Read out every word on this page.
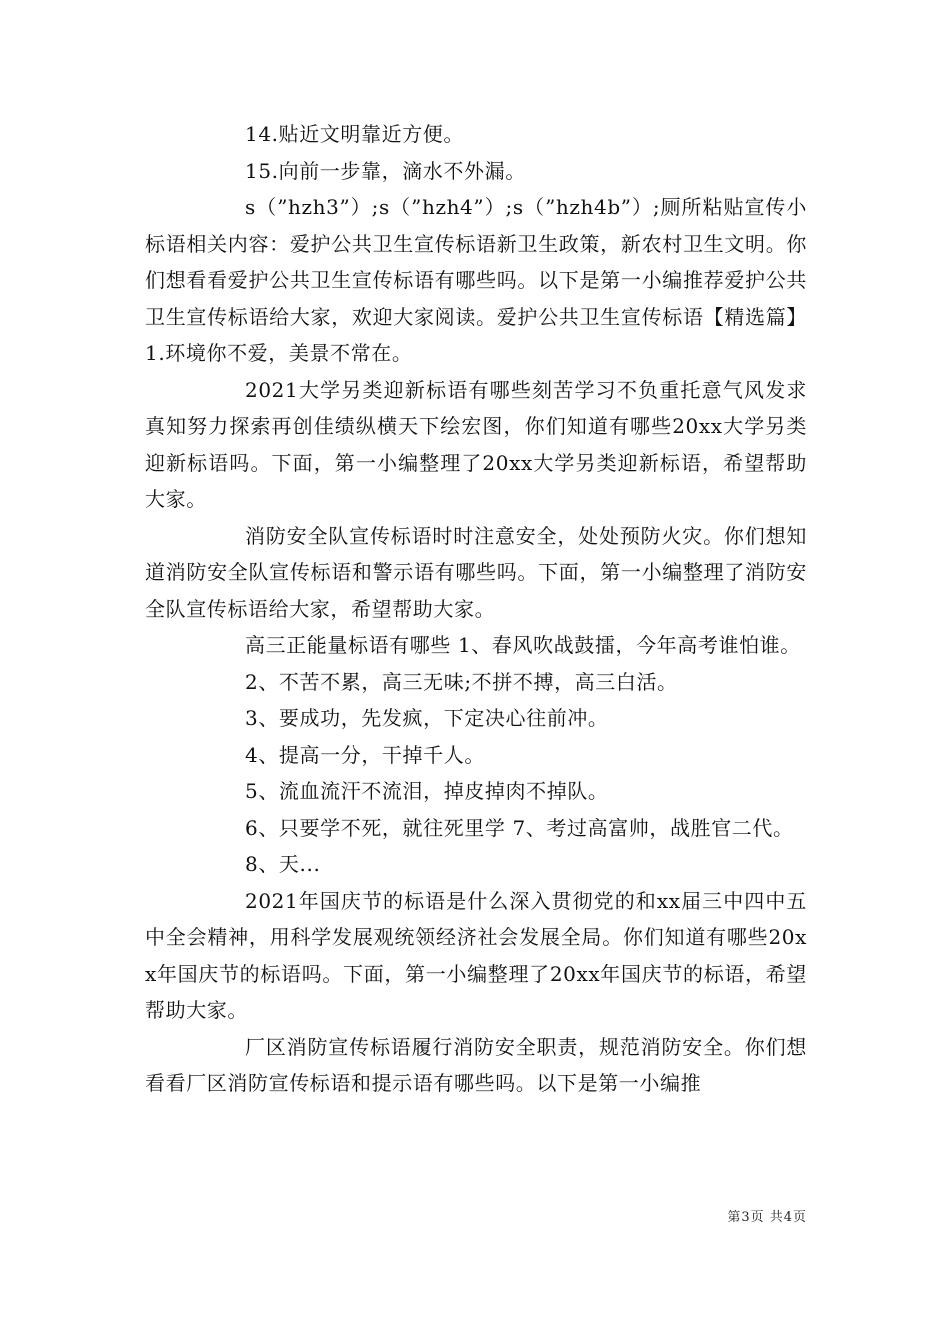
14.贴近文明靠近方便。

15.向前一步靠，滴水不外漏。

s（”hzh3”）;s（”hzh4”）;s（”hzh4b”）;厕所粘贴宣传小标语相关内容：爱护公共卫生宣传标语新卫生政策，新农村卫生文明。你们想看看爱护公共卫生宣传标语有哪些吗。以下是第一小编推荐爱护公共卫生宣传标语给大家，欢迎大家阅读。爱护公共卫生宣传标语【精选篇】1.环境你不爱，美景不常在。

2021大学另类迎新标语有哪些刻苦学习不负重托意气风发求真知努力探索再创佳绩纵横天下绘宏图，你们知道有哪些20xx大学另类迎新标语吗。下面，第一小编整理了20xx大学另类迎新标语，希望帮助大家。

消防安全队宣传标语时时注意安全，处处预防火灾。你们想知道消防安全队宣传标语和警示语有哪些吗。下面，第一小编整理了消防安全队宣传标语给大家，希望帮助大家。

高三正能量标语有哪些 1、春风吹战鼓擂，今年高考谁怕谁。

2、不苦不累，高三无味;不拼不搏，高三白活。

3、要成功，先发疯，下定决心往前冲。

4、提高一分，干掉千人。

5、流血流汗不流泪，掉皮掉肉不掉队。

6、只要学不死，就往死里学 7、考过高富帅，战胜官二代。

8、天...

2021年国庆节的标语是什么深入贯彻党的和xx届三中四中五中全会精神，用科学发展观统领经济社会发展全局。你们知道有哪些20xx年国庆节的标语吗。下面，第一小编整理了20xx年国庆节的标语，希望帮助大家。

厂区消防宣传标语履行消防安全职责，规范消防安全。你们想看看厂区消防宣传标语和提示语有哪些吗。以下是第一小编推

第3页 共4页
